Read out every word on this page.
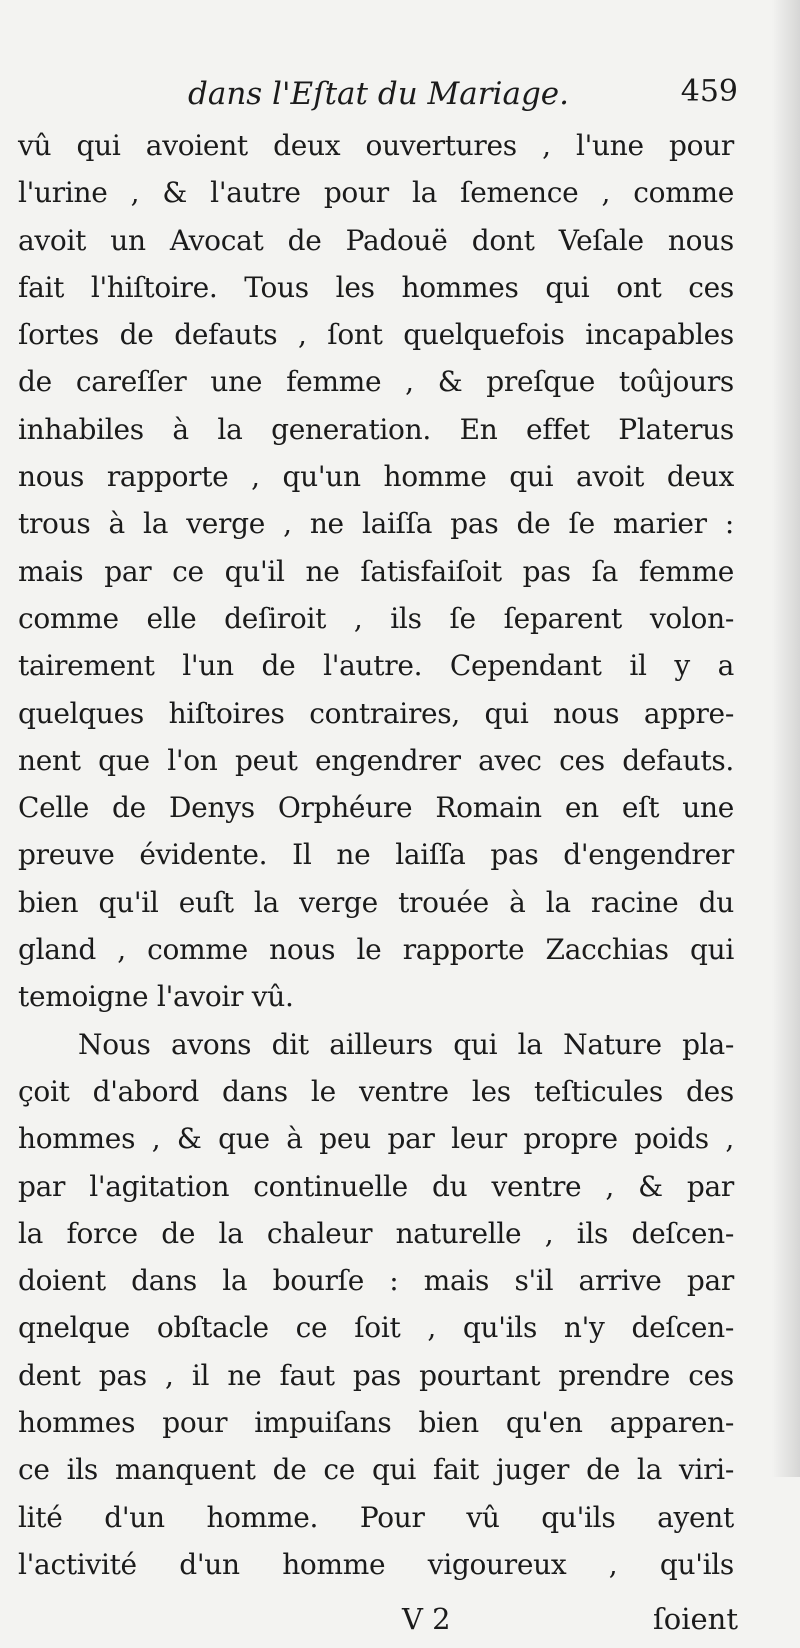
dans l'Eſtat du Mariage.	459
vû qui avoient deux ouvertures , l'une pour
l'urine , & l'autre pour la ſemence , comme
avoit un Avocat de Padouë dont Veſale nous
fait l'hiſtoire. Tous les hommes qui ont ces
ſortes de defauts , ſont quelquefois incapables
de careſſer une femme , & preſque toûjours
inhabiles à la generation. En effet Platerus
nous rapporte , qu'un homme qui avoit deux
trous à la verge , ne laiſſa pas de ſe marier :
mais par ce qu'il ne ſatisfaiſoit pas ſa femme
comme elle deſiroit , ils ſe ſeparent volon-
tairement l'un de l'autre. Cependant il y a
quelques hiſtoires contraires, qui nous appre-
nent que l'on peut engendrer avec ces defauts.
Celle de Denys Orphéure Romain en eſt une
preuve évidente. Il ne laiſſa pas d'engendrer
bien qu'il euſt la verge trouée à la racine du
gland , comme nous le rapporte Zacchias qui
temoigne l'avoir vû.
Nous avons dit ailleurs qui la Nature pla-
çoit d'abord dans le ventre les teſticules des
hommes , & que à peu par leur propre poids ,
par l'agitation continuelle du ventre , & par
la force de la chaleur naturelle , ils deſcen-
doient dans la bourſe : mais s'il arrive par
qnelque obſtacle ce ſoit , qu'ils n'y deſcen-
dent pas , il ne faut pas pourtant prendre ces
hommes pour impuiſans bien qu'en apparen-
ce ils manquent de ce qui fait juger de la viri-
lité d'un homme. Pour vû qu'ils ayent
l'activité d'un homme vigoureux , qu'ils
V 2	ſoient
